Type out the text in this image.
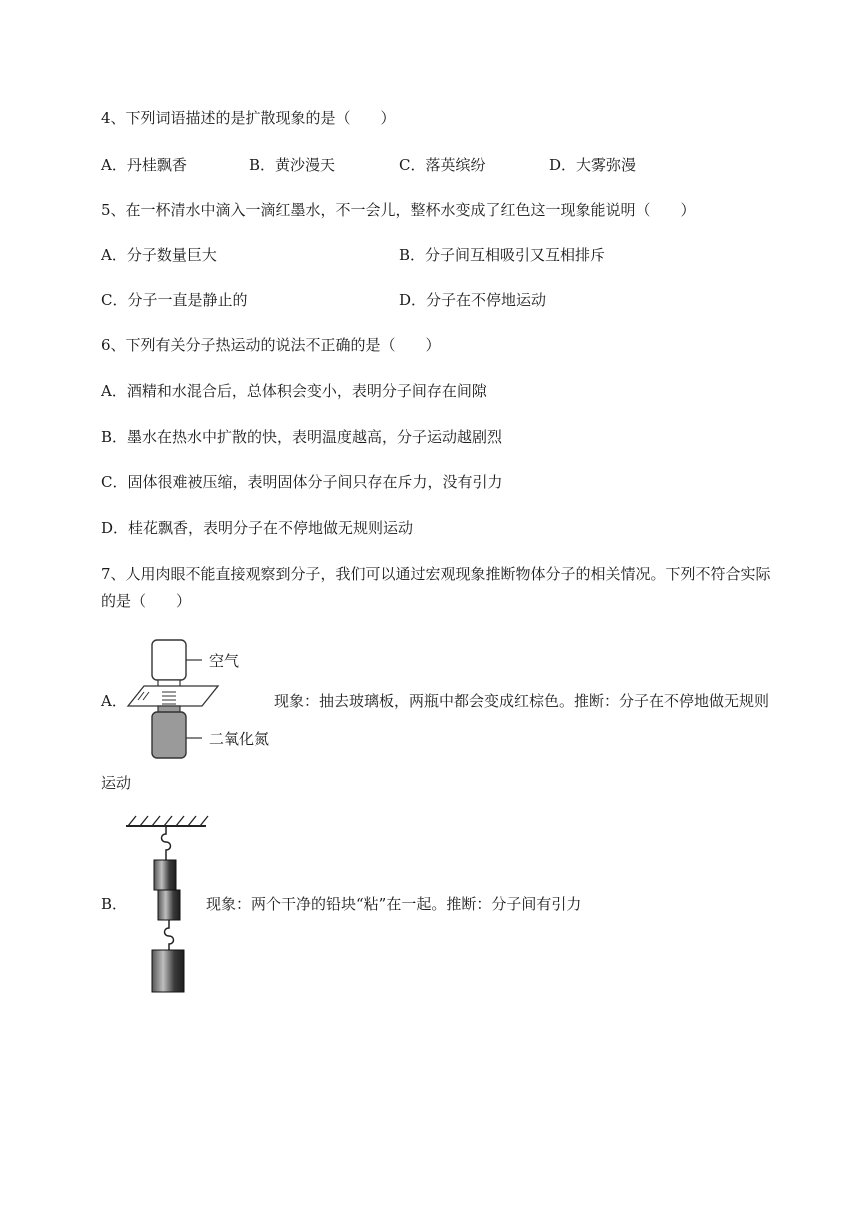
4、下列词语描述的是扩散现象的是（　　）
A．丹桂飘香	B．黄沙漫天	C．落英缤纷	D．大雾弥漫
5、在一杯清水中滴入一滴红墨水，不一会儿，整杯水变成了红色这一现象能说明（　　）
A．分子数量巨大	B．分子间互相吸引又互相排斥
C．分子一直是静止的	D．分子在不停地运动
6、下列有关分子热运动的说法不正确的是（　　）
A．酒精和水混合后，总体积会变小，表明分子间存在间隙
B．墨水在热水中扩散的快，表明温度越高，分子运动越剧烈
C．固体很难被压缩，表明固体分子间只存在斥力，没有引力
D．桂花飘香，表明分子在不停地做无规则运动
7、人用肉眼不能直接观察到分子，我们可以通过宏观现象推断物体分子的相关情况。下列不符合实际
的是（　　）
A．
空气
二氧化氮
现象：抽去玻璃板，两瓶中都会变成红棕色。推断：分子在不停地做无规则
运动
B．	现象：两个干净的铅块“粘”在一起。推断：分子间有引力
